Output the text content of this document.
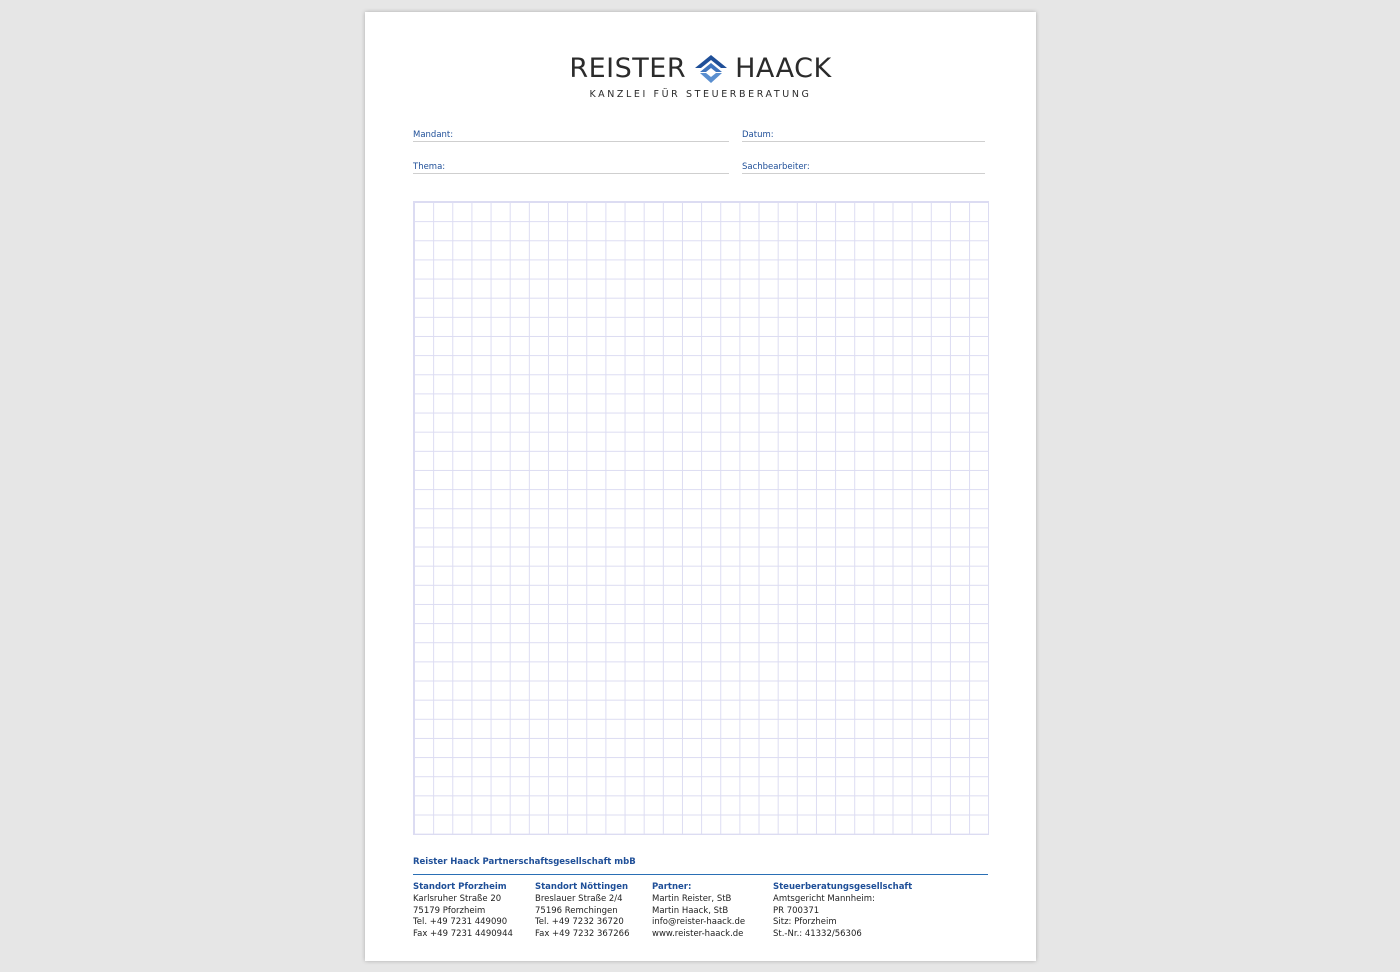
REISTER HAACK
KANZLEI FÜR STEUERBERATUNG
Mandant:	Datum:
Thema:	Sachbearbeiter:
Reister Haack Partnerschaftsgesellschaft mbB
Standort Pforzheim
Karlsruher Straße 20
75179 Pforzheim
Tel. +49 7231 449090
Fax +49 7231 4490944
Standort Nöttingen
Breslauer Straße 2/4
75196 Remchingen
Tel. +49 7232 36720
Fax +49 7232 367266
Partner:
Martin Reister, StB
Martin Haack, StB
info@reister-haack.de
www.reister-haack.de
Steuerberatungsgesellschaft
Amtsgericht Mannheim:
PR 700371
Sitz: Pforzheim
St.-Nr.: 41332/56306
